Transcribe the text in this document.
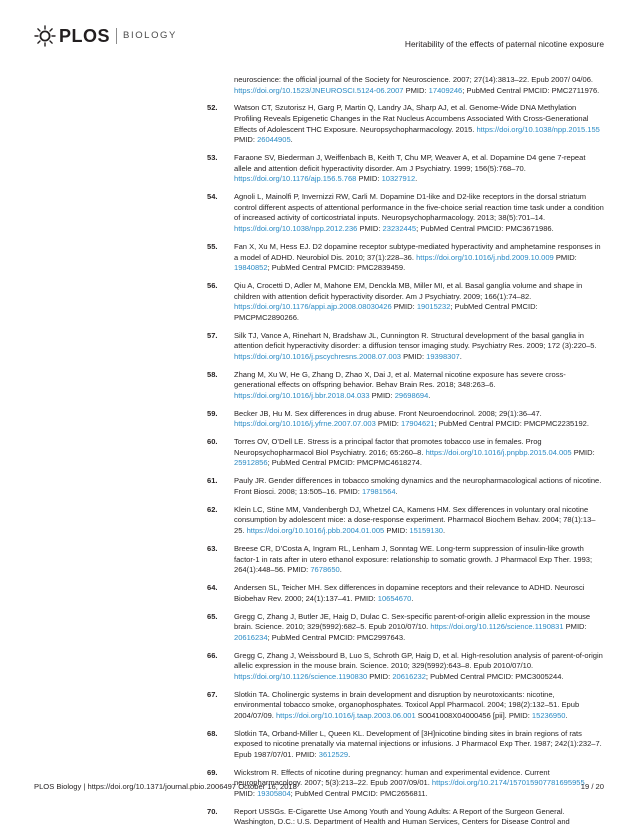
PLOS BIOLOGY
Heritability of the effects of paternal nicotine exposure
neuroscience: the official journal of the Society for Neuroscience. 2007; 27(14):3813–22. Epub 2007/ 04/06. https://doi.org/10.1523/JNEUROSCI.5124-06.2007 PMID: 17409246; PubMed Central PMCID: PMC2711976.
52.	Watson CT, Szutorisz H, Garg P, Martin Q, Landry JA, Sharp AJ, et al. Genome-Wide DNA Methylation Profiling Reveals Epigenetic Changes in the Rat Nucleus Accumbens Associated With Cross-Generational Effects of Adolescent THC Exposure. Neuropsychopharmacology. 2015. https://doi.org/10.1038/npp.2015.155 PMID: 26044905.
53.	Faraone SV, Biederman J, Weiffenbach B, Keith T, Chu MP, Weaver A, et al. Dopamine D4 gene 7-repeat allele and attention deficit hyperactivity disorder. Am J Psychiatry. 1999; 156(5):768–70. https://doi.org/10.1176/ajp.156.5.768 PMID: 10327912.
54.	Agnoli L, Mainolfi P, Invernizzi RW, Carli M. Dopamine D1-like and D2-like receptors in the dorsal striatum control different aspects of attentional performance in the five-choice serial reaction time task under a condition of increased activity of corticostriatal inputs. Neuropsychopharmacology. 2013; 38(5):701–14. https://doi.org/10.1038/npp.2012.236 PMID: 23232445; PubMed Central PMCID: PMC3671986.
55.	Fan X, Xu M, Hess EJ. D2 dopamine receptor subtype-mediated hyperactivity and amphetamine responses in a model of ADHD. Neurobiol Dis. 2010; 37(1):228–36. https://doi.org/10.1016/j.nbd.2009.10.009 PMID: 19840852; PubMed Central PMCID: PMC2839459.
56.	Qiu A, Crocetti D, Adler M, Mahone EM, Denckla MB, Miller MI, et al. Basal ganglia volume and shape in children with attention deficit hyperactivity disorder. Am J Psychiatry. 2009; 166(1):74–82. https://doi.org/10.1176/appi.ajp.2008.08030426 PMID: 19015232; PubMed Central PMCID: PMCPMC2890266.
57.	Silk TJ, Vance A, Rinehart N, Bradshaw JL, Cunnington R. Structural development of the basal ganglia in attention deficit hyperactivity disorder: a diffusion tensor imaging study. Psychiatry Res. 2009; 172 (3):220–5. https://doi.org/10.1016/j.pscychresns.2008.07.003 PMID: 19398307.
58.	Zhang M, Xu W, He G, Zhang D, Zhao X, Dai J, et al. Maternal nicotine exposure has severe cross-generational effects on offspring behavior. Behav Brain Res. 2018; 348:263–6. https://doi.org/10.1016/j.bbr.2018.04.033 PMID: 29698694.
59.	Becker JB, Hu M. Sex differences in drug abuse. Front Neuroendocrinol. 2008; 29(1):36–47. https://doi.org/10.1016/j.yfrne.2007.07.003 PMID: 17904621; PubMed Central PMCID: PMCPMC2235192.
60.	Torres OV, O’Dell LE. Stress is a principal factor that promotes tobacco use in females. Prog Neuropsychopharmacol Biol Psychiatry. 2016; 65:260–8. https://doi.org/10.1016/j.pnpbp.2015.04.005 PMID: 25912856; PubMed Central PMCID: PMCPMC4618274.
61.	Pauly JR. Gender differences in tobacco smoking dynamics and the neuropharmacological actions of nicotine. Front Biosci. 2008; 13:505–16. PMID: 17981564.
62.	Klein LC, Stine MM, Vandenbergh DJ, Whetzel CA, Kamens HM. Sex differences in voluntary oral nicotine consumption by adolescent mice: a dose-response experiment. Pharmacol Biochem Behav. 2004; 78(1):13–25. https://doi.org/10.1016/j.pbb.2004.01.005 PMID: 15159130.
63.	Breese CR, D’Costa A, Ingram RL, Lenham J, Sonntag WE. Long-term suppression of insulin-like growth factor-1 in rats after in utero ethanol exposure: relationship to somatic growth. J Pharmacol Exp Ther. 1993; 264(1):448–56. PMID: 7678650.
64.	Andersen SL, Teicher MH. Sex differences in dopamine receptors and their relevance to ADHD. Neurosci Biobehav Rev. 2000; 24(1):137–41. PMID: 10654670.
65.	Gregg C, Zhang J, Butler JE, Haig D, Dulac C. Sex-specific parent-of-origin allelic expression in the mouse brain. Science. 2010; 329(5992):682–5. Epub 2010/07/10. https://doi.org/10.1126/science.1190831 PMID: 20616234; PubMed Central PMCID: PMC2997643.
66.	Gregg C, Zhang J, Weissbourd B, Luo S, Schroth GP, Haig D, et al. High-resolution analysis of parent-of-origin allelic expression in the mouse brain. Science. 2010; 329(5992):643–8. Epub 2010/07/10. https://doi.org/10.1126/science.1190830 PMID: 20616232; PubMed Central PMCID: PMC3005244.
67.	Slotkin TA. Cholinergic systems in brain development and disruption by neurotoxicants: nicotine, environmental tobacco smoke, organophosphates. Toxicol Appl Pharmacol. 2004; 198(2):132–51. Epub 2004/07/09. https://doi.org/10.1016/j.taap.2003.06.001 S0041008X04000456 [pii]. PMID: 15236950.
68.	Slotkin TA, Orband-Miller L, Queen KL. Development of [3H]nicotine binding sites in brain regions of rats exposed to nicotine prenatally via maternal injections or infusions. J Pharmacol Exp Ther. 1987; 242(1):232–7. Epub 1987/07/01. PMID: 3612529.
69.	Wickstrom R. Effects of nicotine during pregnancy: human and experimental evidence. Current neuropharmacology. 2007; 5(3):213–22. Epub 2007/09/01. https://doi.org/10.2174/157015907781695955 PMID: 19305804; PubMed Central PMCID: PMC2656811.
70.	Report USSGs. E-Cigarette Use Among Youth and Young Adults: A Report of the Surgeon General. Washington, D.C.: U.S. Department of Health and Human Services, Centers for Disease Control and
PLOS Biology | https://doi.org/10.1371/journal.pbio.2006497 October 16, 2018	19 / 20
